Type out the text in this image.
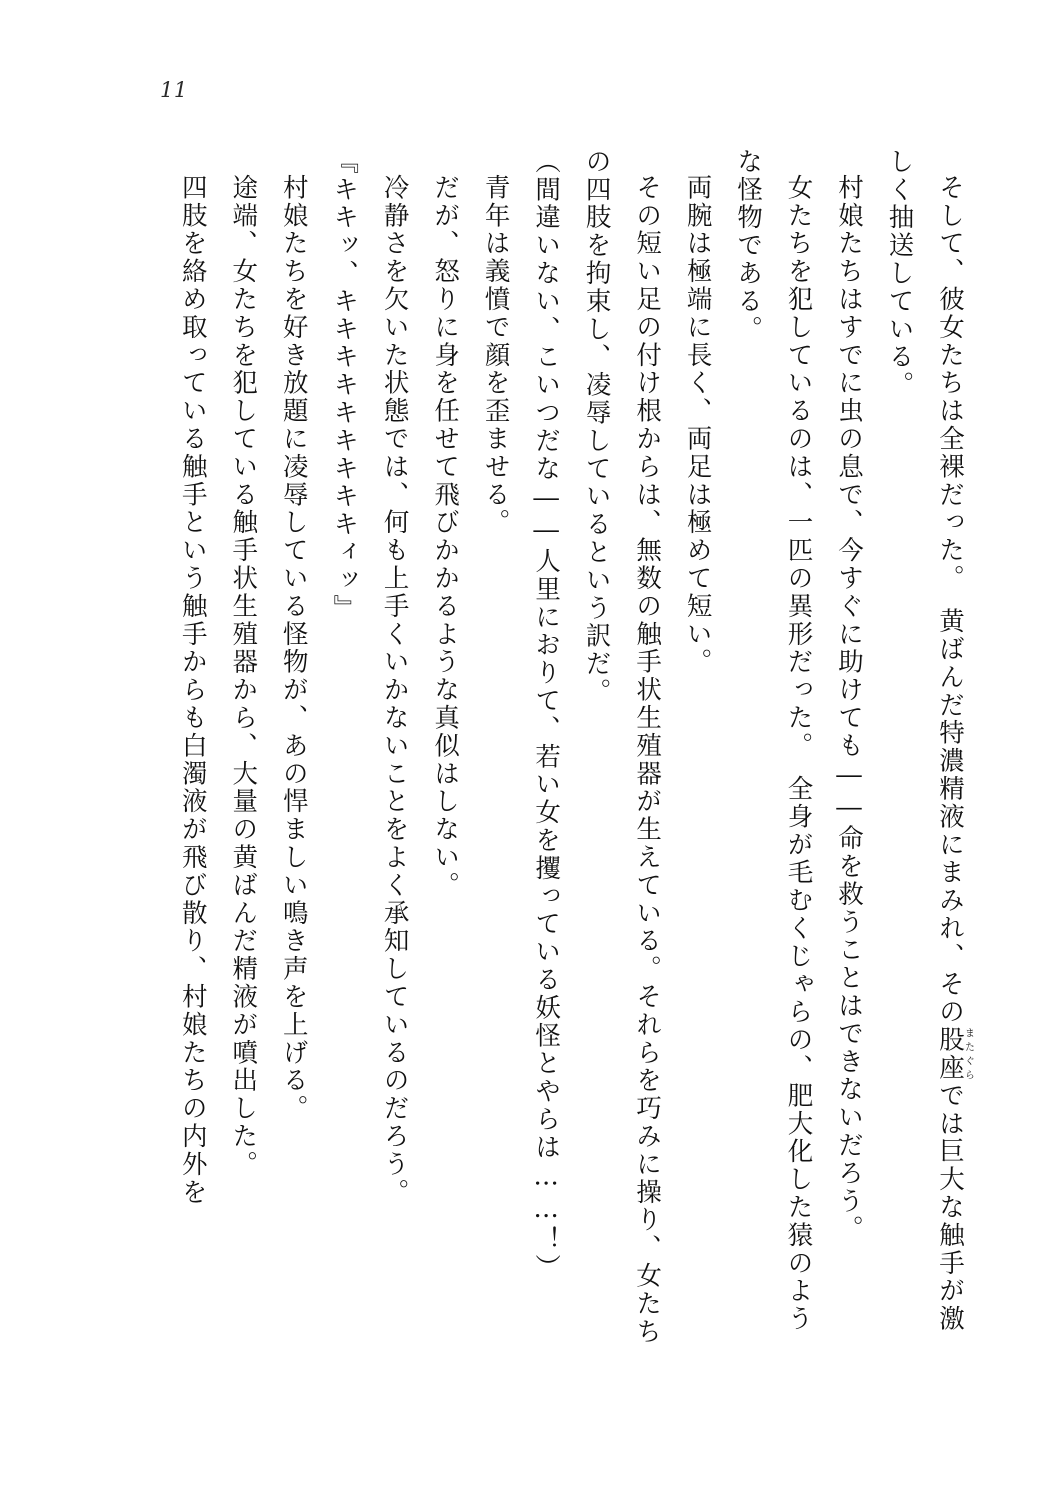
11

そして、彼女たちは全裸だった。　黄ばんだ特濃精液にまみれ、その股座またぐらでは巨大な触手が激しく抽送している。

村娘たちはすでに虫の息で、今すぐに助けても――命を救うことはできないだろう。

女たちを犯しているのは、一匹の異形だった。　全身が毛むくじゃらの、肥大化した猿のような怪物である。

両腕は極端に長く、両足は極めて短い。

その短い足の付け根からは、無数の触手状生殖器が生えている。それらを巧みに操り、女たちの四肢を拘束し、凌辱しているという訳だ。

（間違いない、こいつだな――人里におりて、若い女を攫っている妖怪とやらは……！）

青年は義憤で顔を歪ませる。

だが、怒りに身を任せて飛びかかるような真似はしない。

冷静さを欠いた状態では、何も上手くいかないことをよく承知しているのだろう。

『キキッ、キキキキキキキキキィッ』

村娘たちを好き放題に凌辱している怪物が、あの悍ましい鳴き声を上げる。

途端、女たちを犯している触手状生殖器から、大量の黄ばんだ精液が噴出した。

四肢を絡め取っている触手という触手からも白濁液が飛び散り、村娘たちの内外を
